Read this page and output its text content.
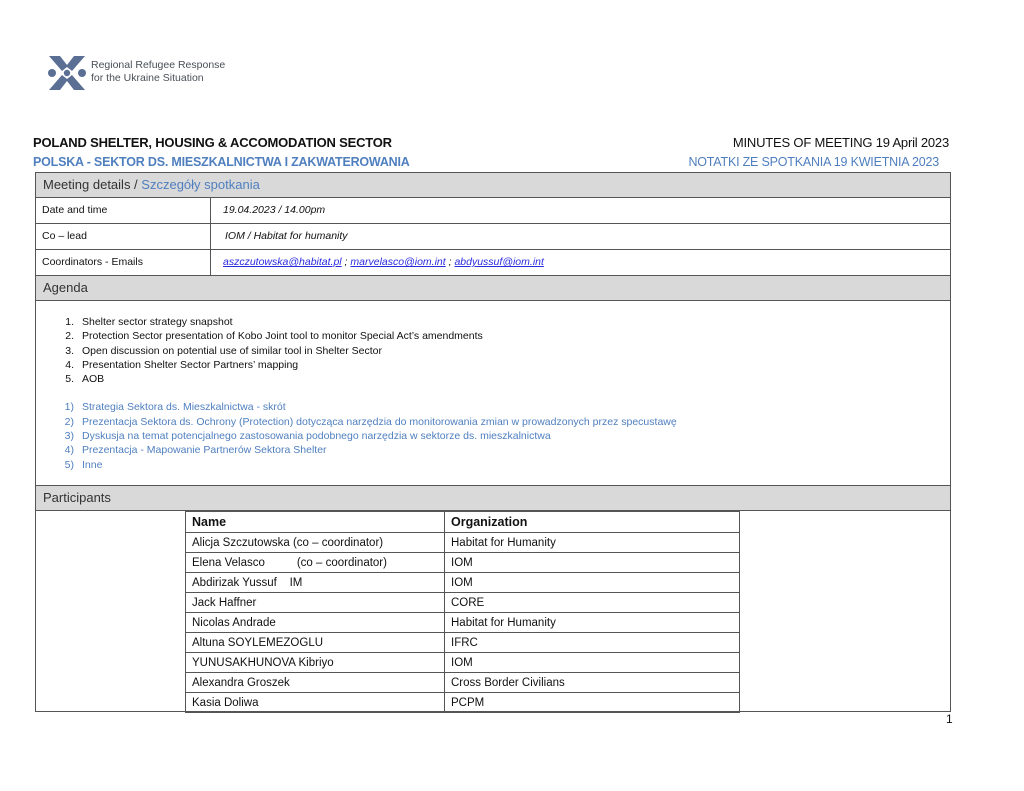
Regional Refugee Response
for the Ukraine Situation
POLAND SHELTER, HOUSING & ACCOMODATION SECTOR
POLSKA - SEKTOR DS. MIESZKALNICTWA I ZAKWATEROWANIA
MINUTES OF MEETING 19 April 2023
NOTATKI ZE SPOTKANIA 19 KWIETNIA 2023
Meeting details / Szczegóły spotkania
Date and time	19.04.2023 / 14.00pm
Co – lead	IOM / Habitat for humanity
Coordinators - Emails	aszczutowska@habitat.pl ; marvelasco@iom.int ; abdyussuf@iom.int
Agenda
1. Shelter sector strategy snapshot
2. Protection Sector presentation of Kobo Joint tool to monitor Special Act’s amendments
3. Open discussion on potential use of similar tool in Shelter Sector
4. Presentation Shelter Sector Partners’ mapping
5. AOB
1) Strategia Sektora ds. Mieszkalnictwa - skrót
2) Prezentacja Sektora ds. Ochrony (Protection) dotycząca narzędzia do monitorowania zmian w prowadzonych przez specustawę
3) Dyskusja na temat potencjalnego zastosowania podobnego narzędzia w sektorze ds. mieszkalnictwa
4) Prezentacja - Mapowanie Partnerów Sektora Shelter
5) Inne
Participants
Name	Organization
Alicja Szczutowska (co – coordinator)	Habitat for Humanity
Elena Velasco          (co – coordinator)	IOM
Abdirizak Yussuf    IM	IOM
Jack Haffner	CORE
Nicolas Andrade	Habitat for Humanity
Altuna SOYLEMEZOGLU	IFRC
YUNUSAKHUNOVA Kibriyo	IOM
Alexandra Groszek	Cross Border Civilians
Kasia Doliwa	PCPM
1
